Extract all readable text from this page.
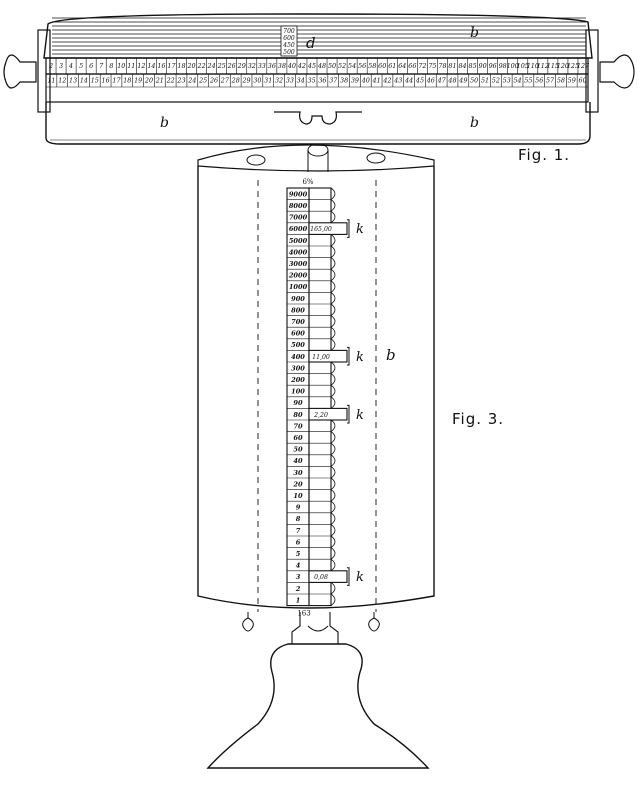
2 3 4 5 6 7 8 10 11 12 14 16 17 18 20 22 24 25 26 29 32 33 36 38 40 42 45 48 50 52 54 56 58 60 61 64 66 72 75 78 81 84 85 90 96 98 100
105
110
112
115
120
125
127
11 12 13 14 15 16 17 18 19 20 21 22 23 24 25 26 27 28 29 30 31 32 33 34 35 36 37 38 39 40 41 42 43 44 45 46 47 48 49 50 51 52 53 54 55 56 57 58 59 60
700
600
450
500
6%
9000
8000
7000
6000
5000
4000
3000
2000
1000
900
800
700
600
500
400
300
200
100
90
80
70
60
50
40
30
20
10
9
8
7
6
5
4
3
2
1
163
165,00 k
11,00 k
2,20 k
0,08 k
b
d
b	b
Fig. 1.
b
Fig. 3.
